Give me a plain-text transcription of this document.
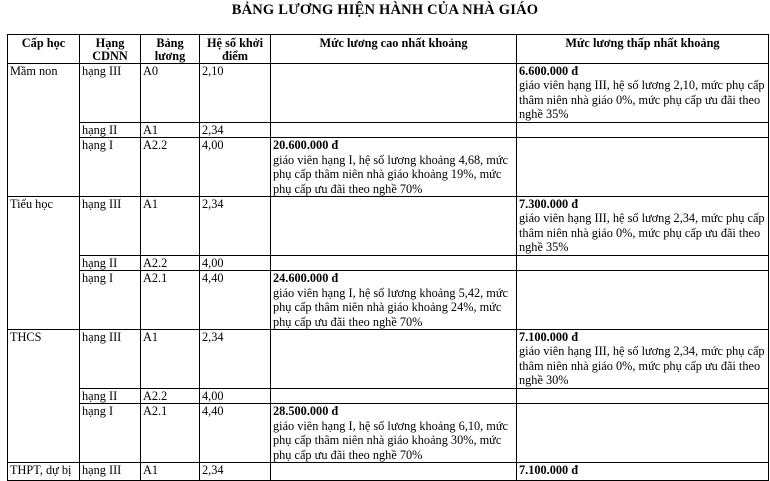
BẢNG LƯƠNG HIỆN HÀNH CỦA NHÀ GIÁO
Cấp học	Hạng CDNN	Bảng lương	Hệ số khởi điểm	Mức lương cao nhất khoảng	Mức lương thấp nhất khoảng
Mầm non	hạng III	A0	2,10		6.600.000 đ
giáo viên hạng III, hệ số lương 2,10, mức phụ cấp thâm niên nhà giáo 0%, mức phụ cấp ưu đãi theo nghề 35%

	hạng II	A1	2,34		
	hạng I	A2.2	4,00	20.600.000 đ
giáo viên hạng I, hệ số lương khoảng 4,68, mức phụ cấp thâm niên nhà giáo khoảng 19%, mức phụ cấp ưu đãi theo nghề 70%	

Tiểu học	hạng III	A1	2,34		7.300.000 đ
giáo viên hạng III, hệ số lương 2,34, mức phụ cấp thâm niên nhà giáo 0%, mức phụ cấp ưu đãi theo nghề 35%

	hạng II	A2.2	4,00		
	hạng I	A2.1	4,40	24.600.000 đ
giáo viên hạng I, hệ số lương khoảng 5,42, mức phụ cấp thâm niên nhà giáo khoảng 24%, mức phụ cấp ưu đãi theo nghề 70%	

THCS	hạng III	A1	2,34		7.100.000 đ
giáo viên hạng III, hệ số lương 2,34, mức phụ cấp thâm niên nhà giáo 0%, mức phụ cấp ưu đãi theo nghề 30%

	hạng II	A2.2	4,00		
	hạng I	A2.1	4,40	28.500.000 đ
giáo viên hạng I, hệ số lương khoảng 6,10, mức phụ cấp thâm niên nhà giáo khoảng 30%, mức phụ cấp ưu đãi theo nghề 70%	

THPT, dự bị	hạng III	A1	2,34		7.100.000 đ
